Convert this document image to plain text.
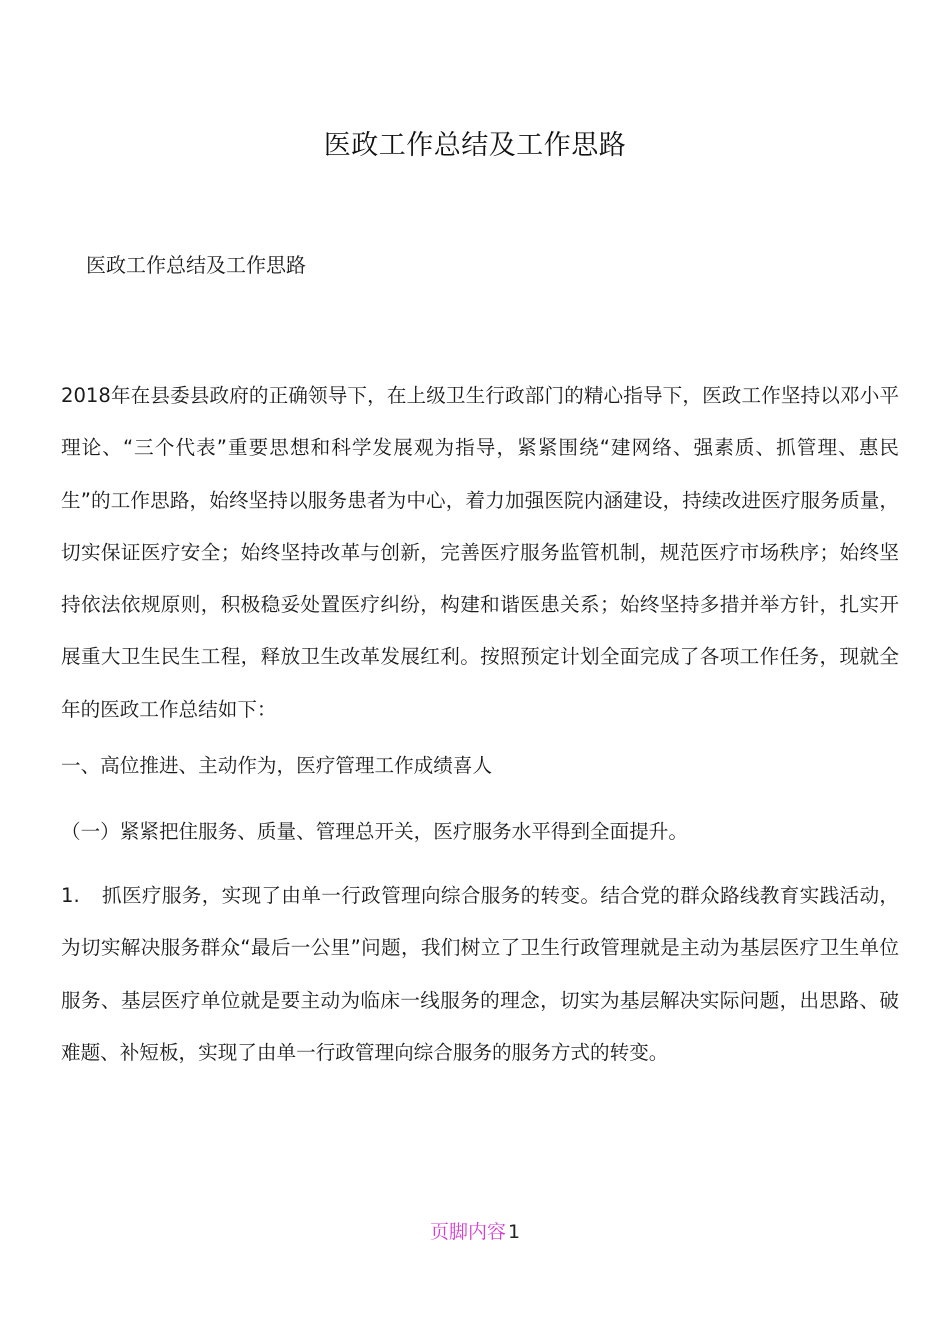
医政工作总结及工作思路
医政工作总结及工作思路
2018年在县委县政府的正确领导下，在上级卫生行政部门的精心指导下，医政工作坚持以邓小平理论、“三个代表”重要思想和科学发展观为指导，紧紧围绕“建网络、强素质、抓管理、惠民生”的工作思路，始终坚持以服务患者为中心，着力加强医院内涵建设，持续改进医疗服务质量，切实保证医疗安全；始终坚持改革与创新，完善医疗服务监管机制，规范医疗市场秩序；始终坚持依法依规原则，积极稳妥处置医疗纠纷，构建和谐医患关系；始终坚持多措并举方针，扎实开展重大卫生民生工程，释放卫生改革发展红利。按照预定计划全面完成了各项工作任务，现就全年的医政工作总结如下：
一、高位推进、主动作为，医疗管理工作成绩喜人
（一）紧紧把住服务、质量、管理总开关，医疗服务水平得到全面提升。
1. 抓医疗服务，实现了由单一行政管理向综合服务的转变。结合党的群众路线教育实践活动，为切实解决服务群众“最后一公里”问题，我们树立了卫生行政管理就是主动为基层医疗卫生单位服务、基层医疗单位就是要主动为临床一线服务的理念，切实为基层解决实际问题，出思路、破难题、补短板，实现了由单一行政管理向综合服务的服务方式的转变。
页脚内容 1
